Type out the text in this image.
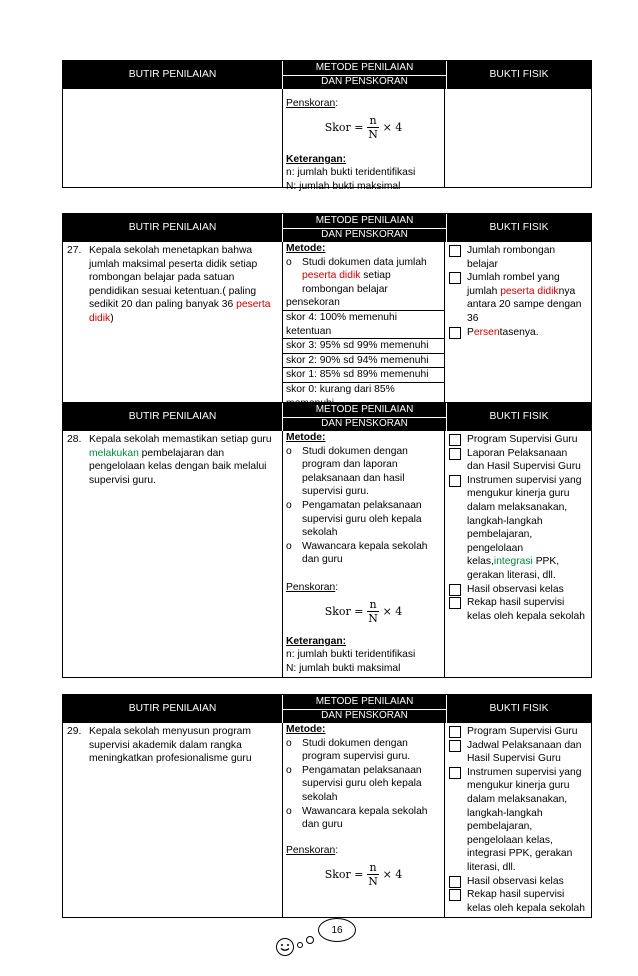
BUTIR PENILAIAN
METODE PENILAIAN
DAN PENSKORAN
BUKTI FISIK
Penskoran:
Skor = $\frac{n}{N} \times 4$
Keterangan:
n: jumlah bukti teridentifikasi
N: jumlah bukti maksimal
BUTIR PENILAIAN
METODE PENILAIAN
DAN PENSKORAN
BUKTI FISIK
27. Kepala sekolah menetapkan bahwa jumlah maksimal peserta didik setiap rombongan belajar pada satuan pendidikan sesuai ketentuan.( paling sedikit 20 dan paling banyak 36 peserta didik)
Metode:
o Studi dokumen data jumlah peserta didik setiap rombongan belajar
pensekoran
skor 4: 100% memenuhi ketentuan
skor 3: 95% sd 99% memenuhi
skor 2: 90% sd 94% memenuhi
skor 1: 85% sd 89% memenuhi
skor 0: kurang dari 85%
Jumlah rombongan belajar
Jumlah rombel yang jumlah peserta didiknya antara 20 sampe dengan 36
Persentasenya.
BUTIR PENILAIAN
METODE PENILAIAN
DAN PENSKORAN
BUKTI FISIK
28. Kepala sekolah memastikan setiap guru melakukan pembelajaran dan pengelolaan kelas dengan baik melalui supervisi guru.
Metode:
o Studi dokumen dengan program dan laporan pelaksanaan dan hasil supervisi guru.
o Pengamatan pelaksanaan supervisi guru oleh kepala sekolah
o Wawancara kepala sekolah dan guru
Penskoran:
Skor = $\frac{n}{N} \times 4$
Keterangan:
n: jumlah bukti teridentifikasi
N: jumlah bukti maksimal
Program Supervisi Guru
Laporan Pelaksanaan dan Hasil Supervisi Guru
Instrumen supervisi yang mengukur kinerja guru dalam melaksanakan, langkah-langkah pembelajaran, pengelolaan kelas,integrasi PPK, gerakan literasi, dll.
Hasil observasi kelas
Rekap hasil supervisi kelas oleh kepala sekolah
BUTIR PENILAIAN
METODE PENILAIAN
DAN PENSKORAN
BUKTI FISIK
29. Kepala sekolah menyusun program supervisi akademik dalam rangka meningkatkan profesionalisme guru
Metode:
o Studi dokumen dengan program supervisi guru.
o Pengamatan pelaksanaan supervisi guru oleh kepala sekolah
o Wawancara kepala sekolah dan guru
Penskoran:
Skor = $\frac{n}{N} \times 4$
Program Supervisi Guru
Jadwal Pelaksanaan dan Hasil Supervisi Guru
Instrumen supervisi yang mengukur kinerja guru dalam melaksanakan, langkah-langkah pembelajaran, pengelolaan kelas, integrasi PPK, gerakan literasi, dll.
Hasil observasi kelas
Rekap hasil supervisi kelas oleh kepala sekolah
16
